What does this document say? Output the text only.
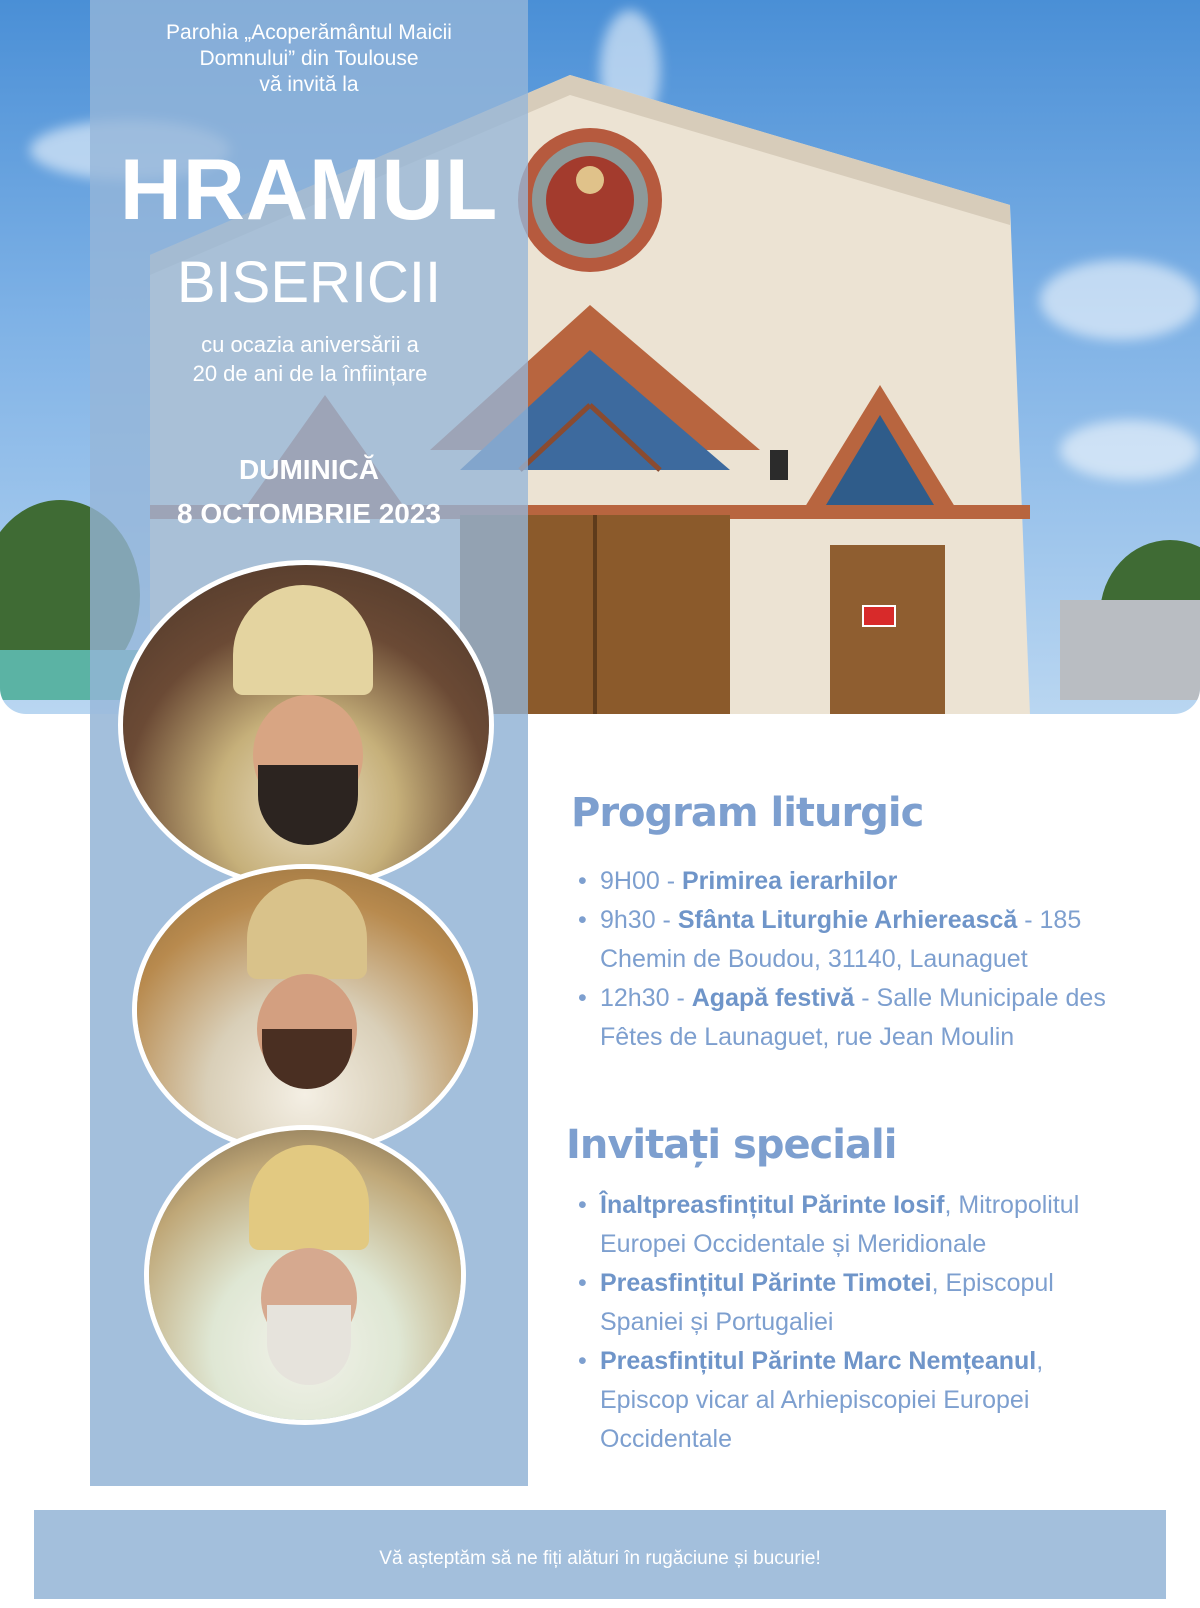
Parohia „Acoperământul Maicii
Domnului” din Toulouse
vă invită la
HRAMUL
BISERICII
cu ocazia aniversării a
20 de ani de la înființare
DUMINICĂ
8 OCTOMBRIE 2023
Program liturgic
• 9H00 - Primirea ierarhilor
• 9h30 - Sfânta Liturghie Arhierească - 185 Chemin de Boudou, 31140, Launaguet
• 12h30 - Agapă festivă - Salle Municipale des Fêtes de Launaguet, rue Jean Moulin
Invitați speciali
• Înaltpreasfințitul Părinte Iosif, Mitropolitul Europei Occidentale și Meridionale
• Preasfințitul Părinte Timotei, Episcopul Spaniei și Portugaliei
• Preasfințitul Părinte Marc Nemțeanul, Episcop vicar al Arhiepiscopiei Europei Occidentale
Vă așteptăm să ne fiți alături în rugăciune și bucurie!
